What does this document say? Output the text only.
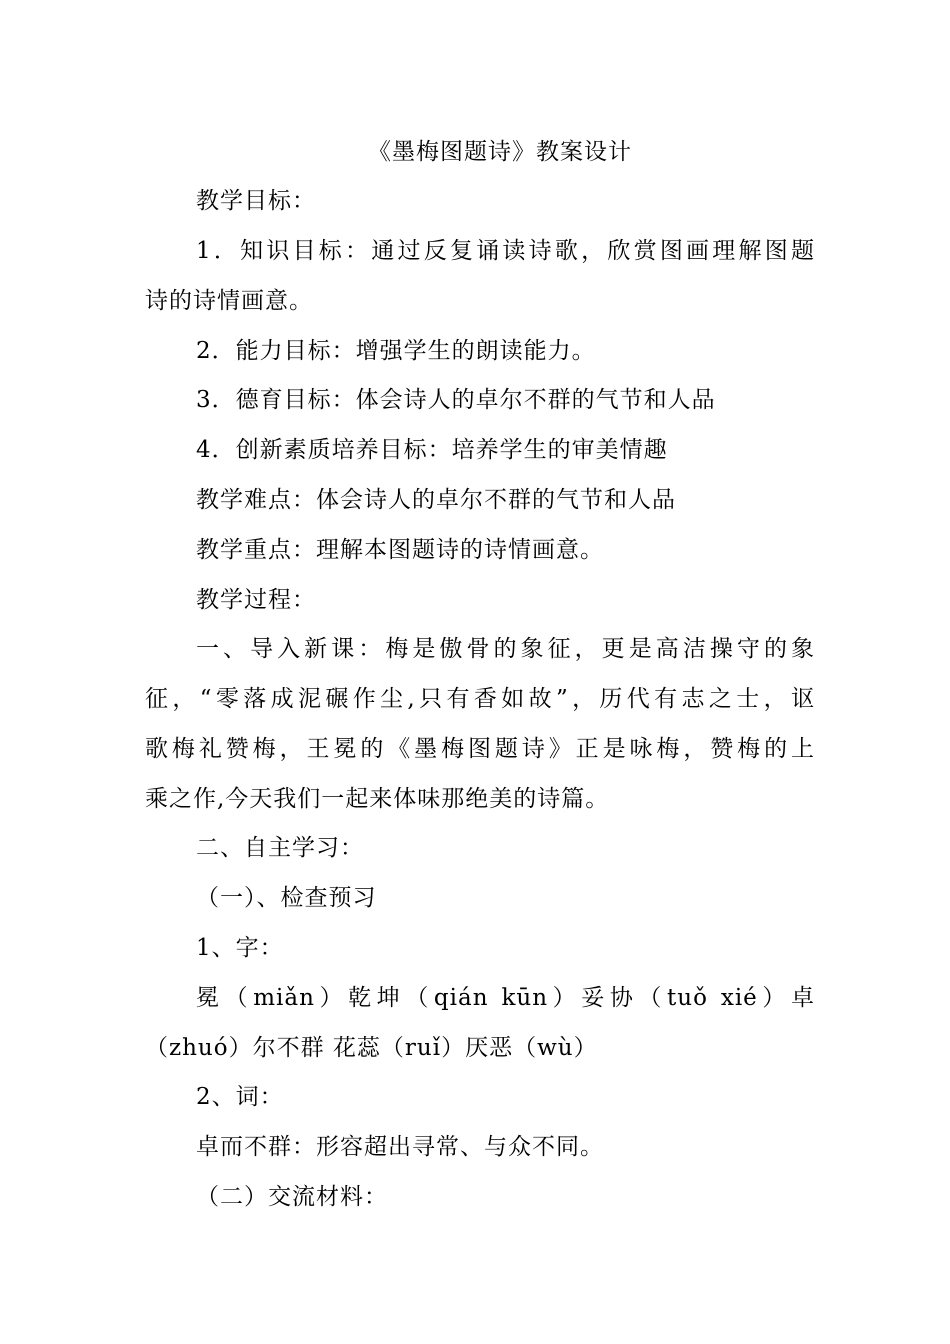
《墨梅图题诗》教案设计
教学目标：
1．知识目标：通过反复诵读诗歌，欣赏图画理解图题
诗的诗情画意。
2．能力目标：增强学生的朗读能力。
3．德育目标：体会诗人的卓尔不群的气节和人品
4．创新素质培养目标：培养学生的审美情趣
教学难点：体会诗人的卓尔不群的气节和人品
教学重点：理解本图题诗的诗情画意。
教学过程：
一、导入新课：梅是傲骨的象征，更是高洁操守的象
征，“零落成泥碾作尘,只有香如故”，历代有志之士，讴
歌梅礼赞梅，王冕的《墨梅图题诗》正是咏梅，赞梅的上
乘之作,今天我们一起来体味那绝美的诗篇。
二、自主学习：
（一）、检查预习
1、字：
冕（miǎn）乾坤（qián kūn）妥协（tuǒ xié）卓
（zhuó）尔不群 花蕊（ruǐ）厌恶（wù）
2、词：
卓而不群：形容超出寻常、与众不同。
（二）交流材料：
